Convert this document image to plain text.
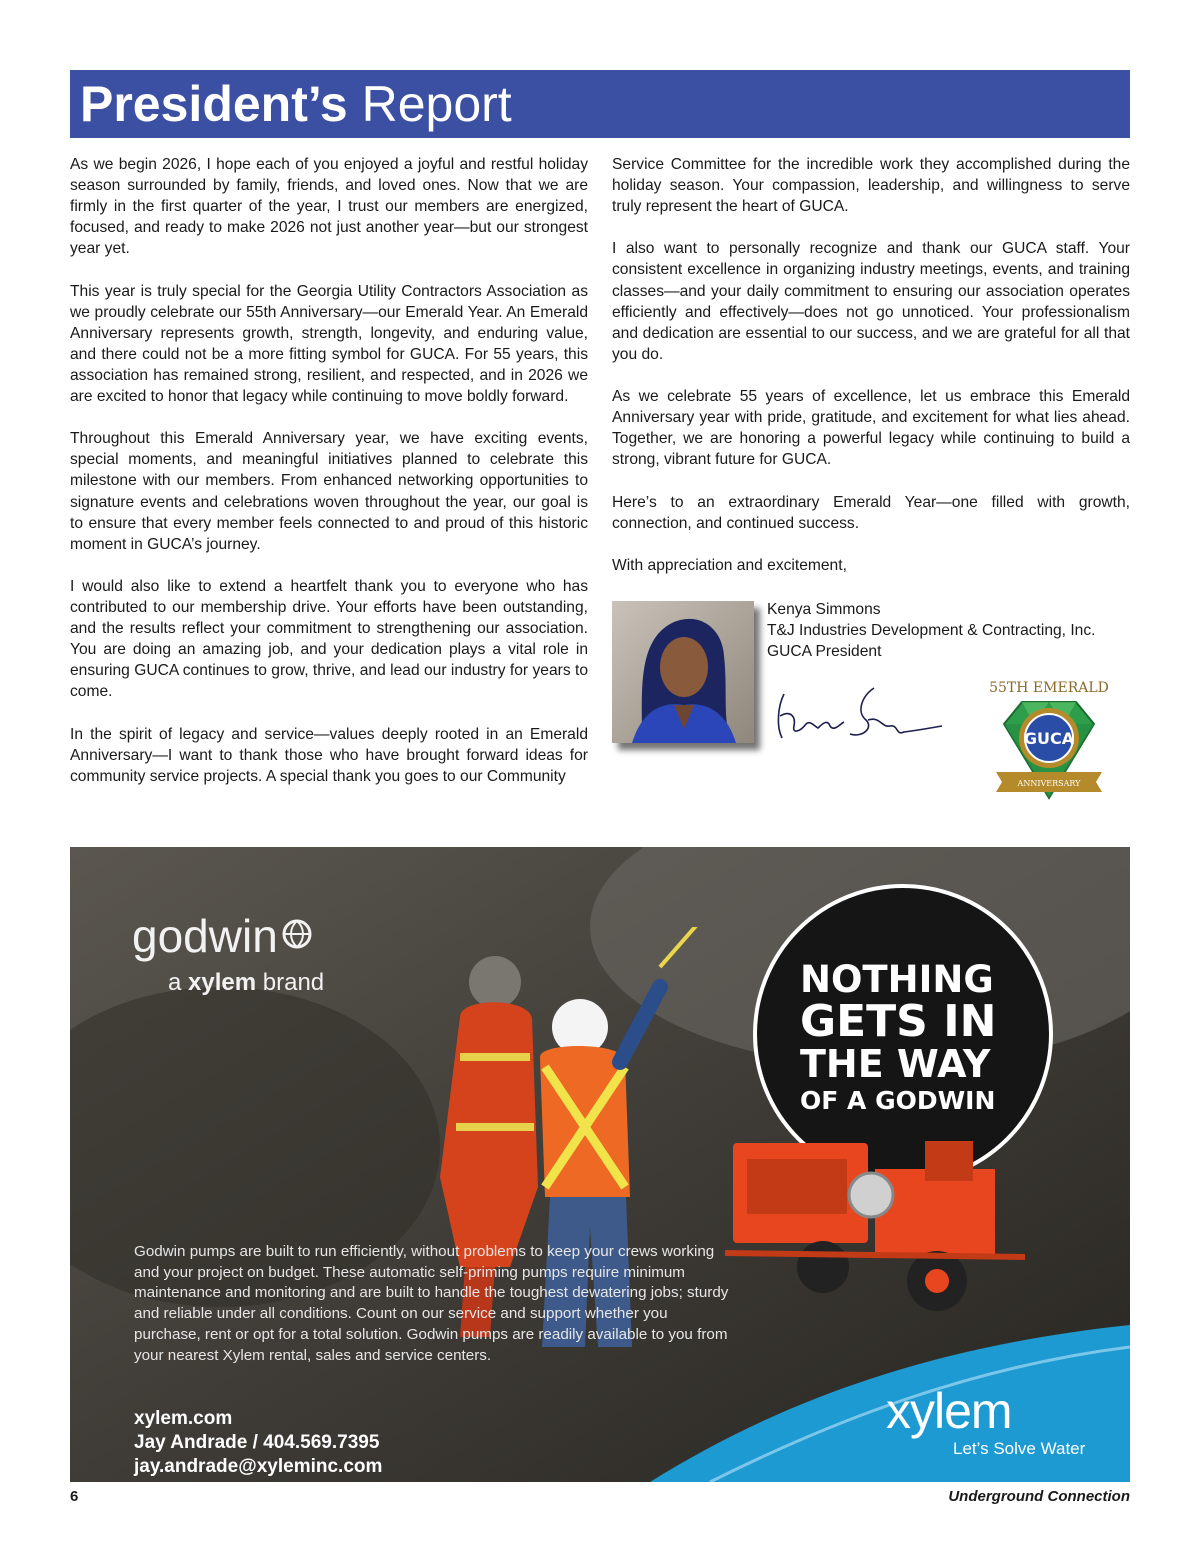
President’s Report

As we begin 2026, I hope each of you enjoyed a joyful and restful holiday season surrounded by family, friends, and loved ones. Now that we are firmly in the first quarter of the year, I trust our members are energized, focused, and ready to make 2026 not just another year—but our strongest year yet.

This year is truly special for the Georgia Utility Contractors Association as we proudly celebrate our 55th Anniversary—our Emerald Year. An Emerald Anniversary represents growth, strength, longevity, and enduring value, and there could not be a more fitting symbol for GUCA. For 55 years, this association has remained strong, resilient, and respected, and in 2026 we are excited to honor that legacy while continuing to move boldly forward.

Throughout this Emerald Anniversary year, we have exciting events, special moments, and meaningful initiatives planned to celebrate this milestone with our members. From enhanced networking opportunities to signature events and celebrations woven throughout the year, our goal is to ensure that every member feels connected to and proud of this historic moment in GUCA’s journey.

I would also like to extend a heartfelt thank you to everyone who has contributed to our membership drive. Your efforts have been outstanding, and the results reflect your commitment to strengthening our association. You are doing an amazing job, and your dedication plays a vital role in ensuring GUCA continues to grow, thrive, and lead our industry for years to come.

In the spirit of legacy and service—values deeply rooted in an Emerald Anniversary—I want to thank those who have brought forward ideas for community service projects. A special thank you goes to our Community

Service Committee for the incredible work they accomplished during the holiday season. Your compassion, leadership, and willingness to serve truly represent the heart of GUCA.

I also want to personally recognize and thank our GUCA staff. Your consistent excellence in organizing industry meetings, events, and training classes—and your daily commitment to ensuring our association operates efficiently and effectively—does not go unnoticed. Your professionalism and dedication are essential to our success, and we are grateful for all that you do.

As we celebrate 55 years of excellence, let us embrace this Emerald Anniversary year with pride, gratitude, and excitement for what lies ahead. Together, we are honoring a powerful legacy while continuing to build a strong, vibrant future for GUCA.

Here’s to an extraordinary Emerald Year—one filled with growth, connection, and continued success.

With appreciation and excitement,

Kenya Simmons
T&J Industries Development & Contracting, Inc.
GUCA President
55TH EMERALD
GUCA
ANNIVERSARY
godwin
a xylem brand	NOTHING
GETS IN
THE WAY
OF A GODWIN
Godwin pumps are built to run efficiently, without problems to keep your crews working and your project on budget. These automatic self-priming pumps require minimum maintenance and monitoring and are built to handle the toughest dewatering jobs; sturdy and reliable under all conditions. Count on our service and support whether you purchase, rent or opt for a total solution. Godwin pumps are readily available to you from your nearest Xylem rental, sales and service centers.
xylem.com
Jay Andrade / 404.569.7395
jay.andrade@xyleminc.com
xylem
Let’s Solve Water
6	Underground Connection
